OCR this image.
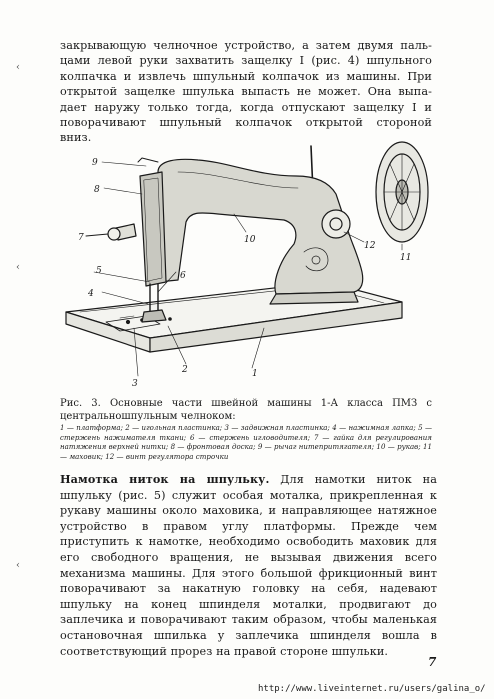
‹
‹
‹
закрывающую челночное устройство, а затем двумя паль-
цами левой руки захватить защелку I (рис. 4) шпульного
колпачка и извлечь шпульный колпачок из машины. При
открытой защелке шпулька выпасть не может. Она выпа-
дает наружу только тогда, когда отпускают защелку I и
поворачивают шпульный колпачок открытой стороной
вниз.
1
2
3
4
5	6
7
8
9
10
11
12
Рис. 3. Основные части швейной машины 1-А класса ПМЗ с центральношпульным челноком:
1 — платформа; 2 — игольная пластинка; 3 — задвижная пластинка; 4 — нажимная лапка; 5 — стержень нажимателя ткани; 6 — стержень игловодителя; 7 — гайка для регулирования натяжения верхней нитки; 8 — фронтовая доска; 9 — рычаг нитепритягателя; 10 — рукав; 11 — маховик; 12 — винт регулятора строчки
Намотка ниток на шпульку. Для намотки ниток на шпульку (рис. 5) служит особая моталка, прикрепленная к рукаву машины около маховика, и направляющее натяжное устройство в правом углу платформы. Прежде чем приступить к намотке, необходимо освободить маховик для его свободного вращения, не вызывая движения всего механизма машины. Для этого большой фрикционный винт поворачивают за накатную головку на себя, надевают шпульку на конец шпинделя моталки, продвигают до заплечика и поворачивают таким образом, чтобы маленькая остановочная шпилька у заплечика шпинделя вошла в соответствующий прорез на правой стороне шпульки.
7
http://www.liveinternet.ru/users/galina_o/
